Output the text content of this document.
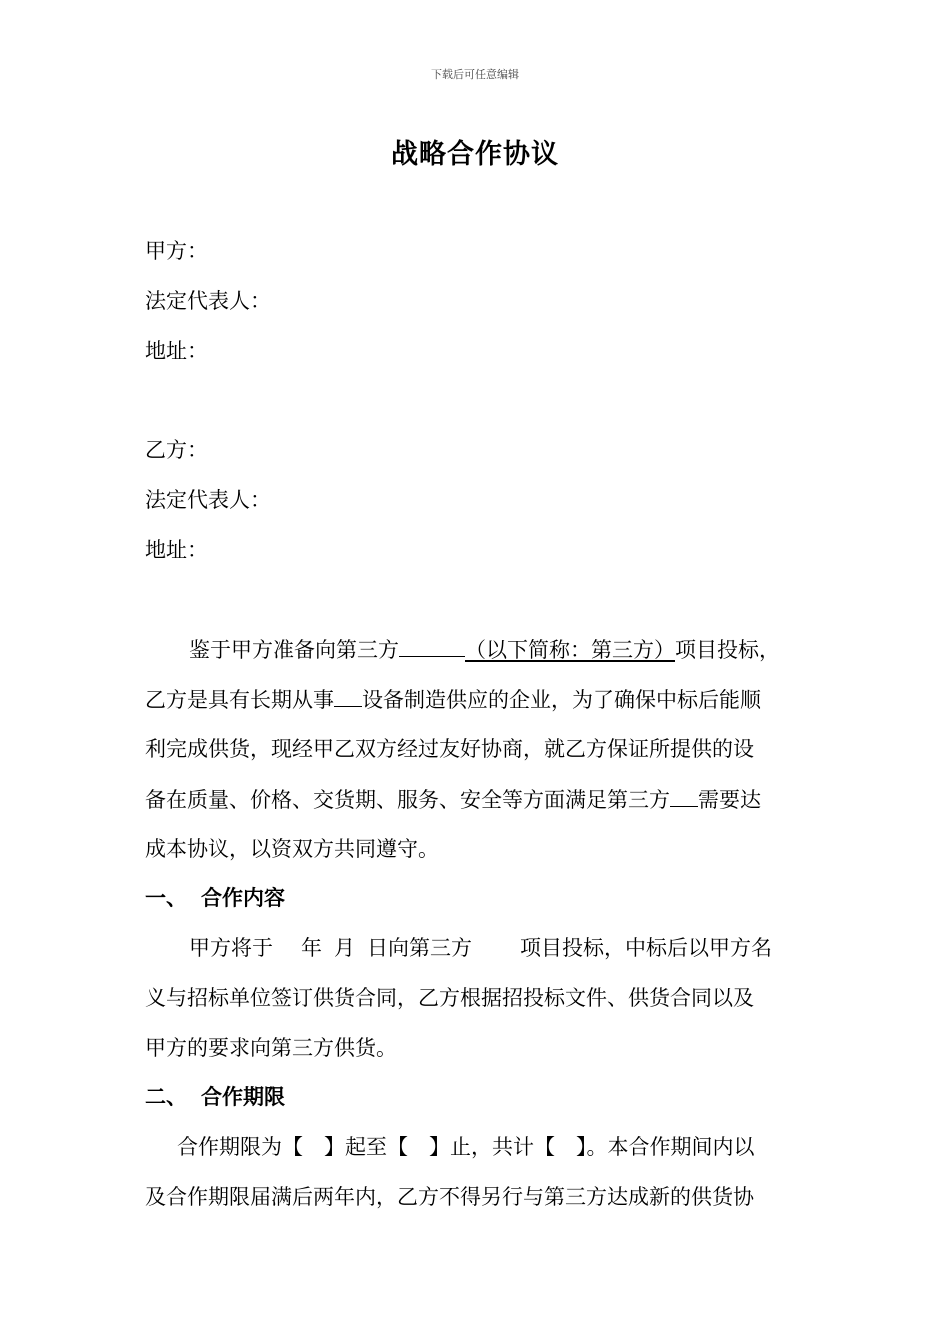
下载后可任意编辑
战略合作协议
甲方：
法定代表人：
地址：
乙方：
法定代表人：
地址：
鉴于甲方准备向第三方	（以下简称：第三方）项目投标，
乙方是具有长期从事 设备制造供应的企业，为了确保中标后能顺
利完成供货，现经甲乙双方经过友好协商，就乙方保证所提供的设
备在质量、价格、交货期、服务、安全等方面满足第三方 需要达
成本协议，以资双方共同遵守。
一、 合作内容
甲方将于 年 月 日向第三方 项目投标，中标后以甲方名
义与招标单位签订供货合同，乙方根据招投标文件、供货合同以及
甲方的要求向第三方供货。
二、 合作期限
合作期限为【　】起至【　】止，共计【　】。本合作期间内以
及合作期限届满后两年内，乙方不得另行与第三方达成新的供货协
